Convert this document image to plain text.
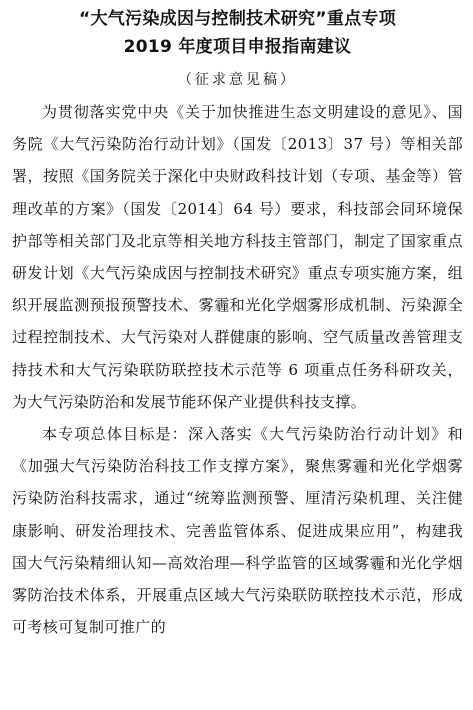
“大气污染成因与控制技术研究”重点专项
2019 年度项目申报指南建议
（征求意见稿）

为贯彻落实党中央《关于加快推进生态文明建设的意见》、国务院《大气污染防治行动计划》（国发〔2013〕37 号）等相关部署，按照《国务院关于深化中央财政科技计划（专项、基金等）管理改革的方案》（国发〔2014〕64 号）要求，科技部会同环境保护部等相关部门及北京等相关地方科技主管部门，制定了国家重点研发计划《大气污染成因与控制技术研究》重点专项实施方案，组织开展监测预报预警技术、雾霾和光化学烟雾形成机制、污染源全过程控制技术、大气污染对人群健康的影响、空气质量改善管理支持技术和大气污染联防联控技术示范等 6 项重点任务科研攻关，为大气污染防治和发展节能环保产业提供科技支撑。

本专项总体目标是：深入落实《大气污染防治行动计划》和《加强大气污染防治科技工作支撑方案》，聚焦雾霾和光化学烟雾污染防治科技需求，通过“统筹监测预警、厘清污染机理、关注健康影响、研发治理技术、完善监管体系、促进成果应用”，构建我国大气污染精细认知—高效治理—科学监管的区域雾霾和光化学烟雾防治技术体系，开展重点区域大气污染联防联控技术示范，形成可考核可复制可推广的
